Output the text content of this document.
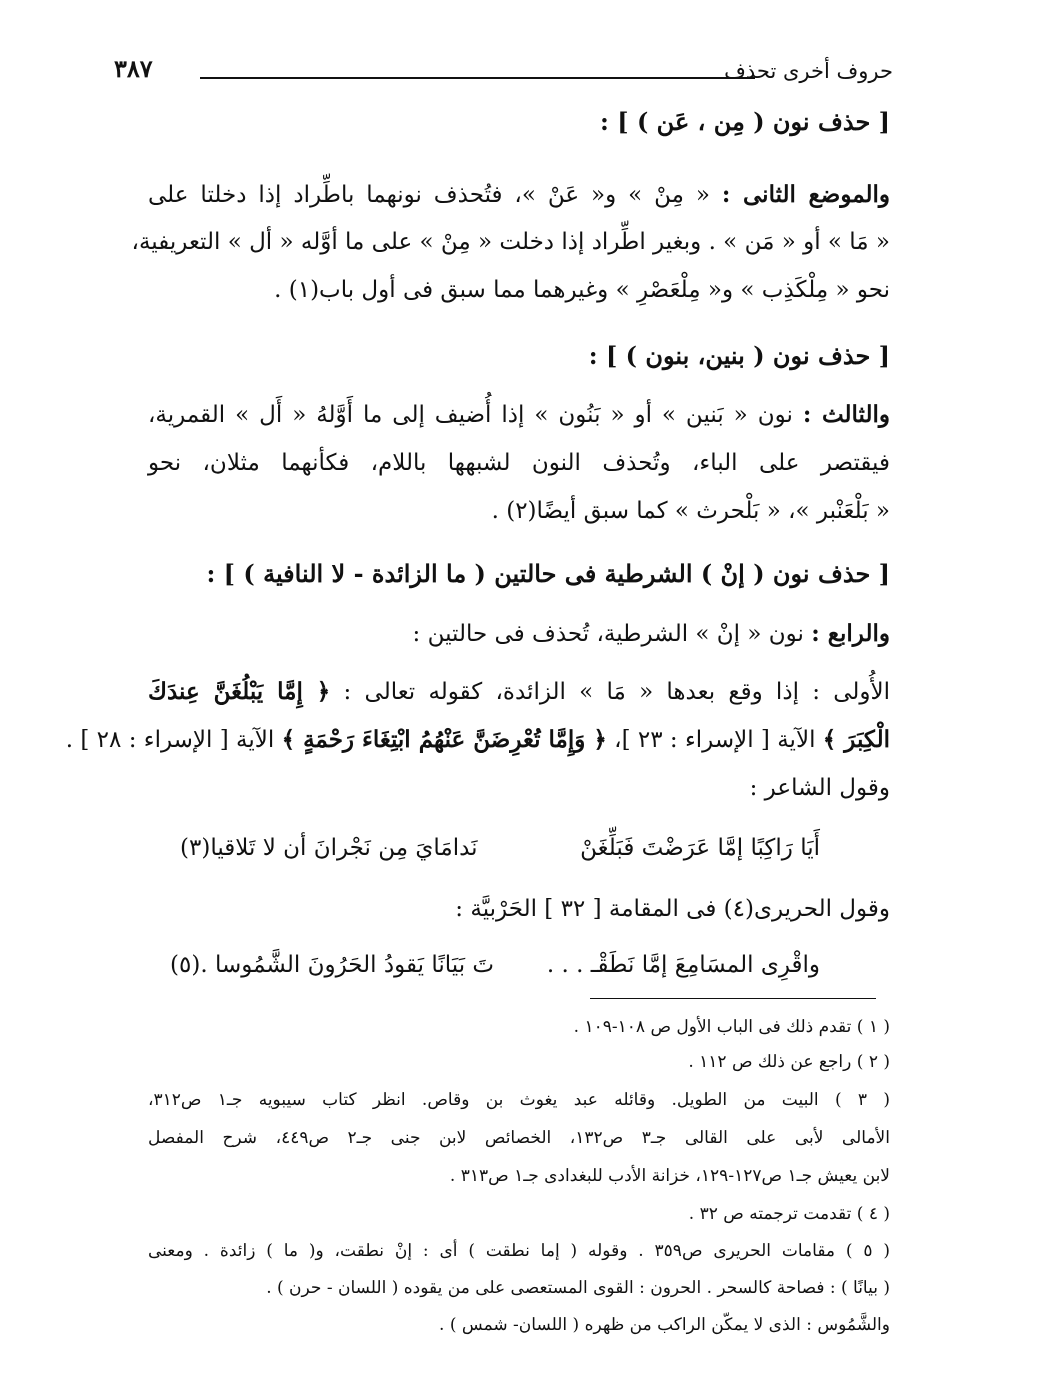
حروف أخرى تحذف
٣٨٧
[ حذف نون ( مِن ، عَن ) ] :
والموضع الثانى : « مِنْ » و« عَنْ »، فتُحذف نونهما باطِّراد إذا دخلتا على
« مَا » أو « مَن » . وبغير اطِّراد إذا دخلت « مِنْ » على ما أوَّله « أل » التعريفية،
نحو « مِلْكَذِب » و« مِلْعَصْرِ » وغيرهما مما سبق فى أول باب(١) .
[ حذف نون ( بنين، بنون ) ] :
والثالث : نون « بَنين » أو « بَنُون » إذا أُضيف إلى ما أَوَّلهُ « أَل » القمرية،
فيقتصر على الباء، وتُحذف النون لشبهها باللام، فكأنهما مثلان، نحو
« بَلْعَنْبر »، « بَلْحرث » كما سبق أيضًا(٢) .
[ حذف نون ( إنْ ) الشرطية فى حالتين ( ما الزائدة - لا النافية ) ] :
والرابع : نون « إنْ » الشرطية، تُحذف فى حالتين :
الأُولى : إذا وقع بعدها « مَا » الزائدة، كقوله تعالى : ﴿ إِمَّا يَبْلُغَنَّ عِندَكَ
الْكِبَرَ ﴾ الآية [ الإسراء : ٢٣ ]، ﴿ وَإِمَّا تُعْرِضَنَّ عَنْهُمُ ابْتِغَاءَ رَحْمَةٍ ﴾ الآية [ الإسراء : ٢٨ ] .
وقول الشاعر :
أَيَا رَاكِبًا إمَّا عَرَضْتَ فَبَلِّغَنْ
نَدامَايَ مِن نَجْرانَ أن لا تَلاقيا(٣)
وقول الحريرى(٤) فى المقامة [ ٣٢ ] الحَرْبيَّة :
واقْرِى المسَامِعَ إمَّا نَطَقْـ . . .
تَ بَيَانًا يَقودُ الحَرُونَ الشَّمُوسا .(٥)
( ١ ) تقدم ذلك فى الباب الأول ص ١٠٨-١٠٩ .
( ٢ ) راجع عن ذلك ص ١١٢ .
( ٣ ) البيت من الطويل. وقائله عبد يغوث بن وقاص. انظر كتاب سيبويه جـ١ ص٣١٢،
الأمالى لأبى على القالى جـ٣ ص١٣٢، الخصائص لابن جنى جـ٢ ص٤٤٩، شرح المفصل
لابن يعيش جـ١ ص١٢٧-١٢٩، خزانة الأدب للبغدادى جـ١ ص٣١٣ .
( ٤ ) تقدمت ترجمته ص ٣٢ .
( ٥ ) مقامات الحريرى ص٣٥٩ . وقوله ( إما نطقت ) أى : إنْ نطقت، و( ما ) زائدة . ومعنى
( بيانًا ) : فصاحة كالسحر . الحرون : القوى المستعصى على من يقوده ( اللسان - حرن ) .
والشَّمُوس : الذى لا يمكّن الراكب من ظهره ( اللسان- شمس ) .
